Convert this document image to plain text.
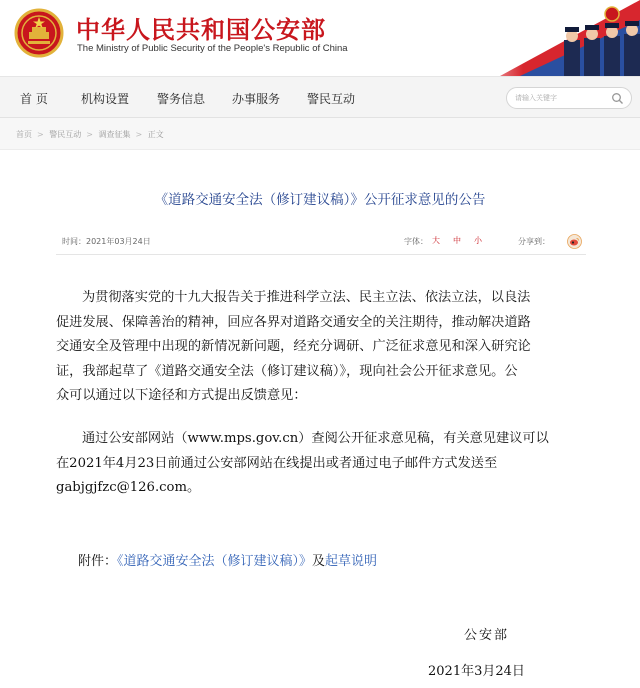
中华人民共和国公安部
The Ministry of Public Security of the People's Republic of China
首 页	机构设置 警务信息 办事服务 警民互动
请输入关键字
首页 > 警民互动 > 调查征集 > 正文
《道路交通安全法（修订建议稿）》公开征求意见的公告
时间：2021年03月24日	字体： 大 中 小	分享到：
为贯彻落实党的十九大报告关于推进科学立法、民主立法、依法立法，以良法
促进发展、保障善治的精神，回应各界对道路交通安全的关注期待，推动解决道路
交通安全及管理中出现的新情况新问题，经充分调研、广泛征求意见和深入研究论
证，我部起草了《道路交通安全法（修订建议稿）》，现向社会公开征求意见。公
众可以通过以下途径和方式提出反馈意见：
通过公安部网站（www.mps.gov.cn）查阅公开征求意见稿，有关意见建议可以
在2021年4月23日前通过公安部网站在线提出或者通过电子邮件方式发送至
gabjgjfzc@126.com。
附件：《道路交通安全法（修订建议稿）》及起草说明
公安部
2021年3月24日
